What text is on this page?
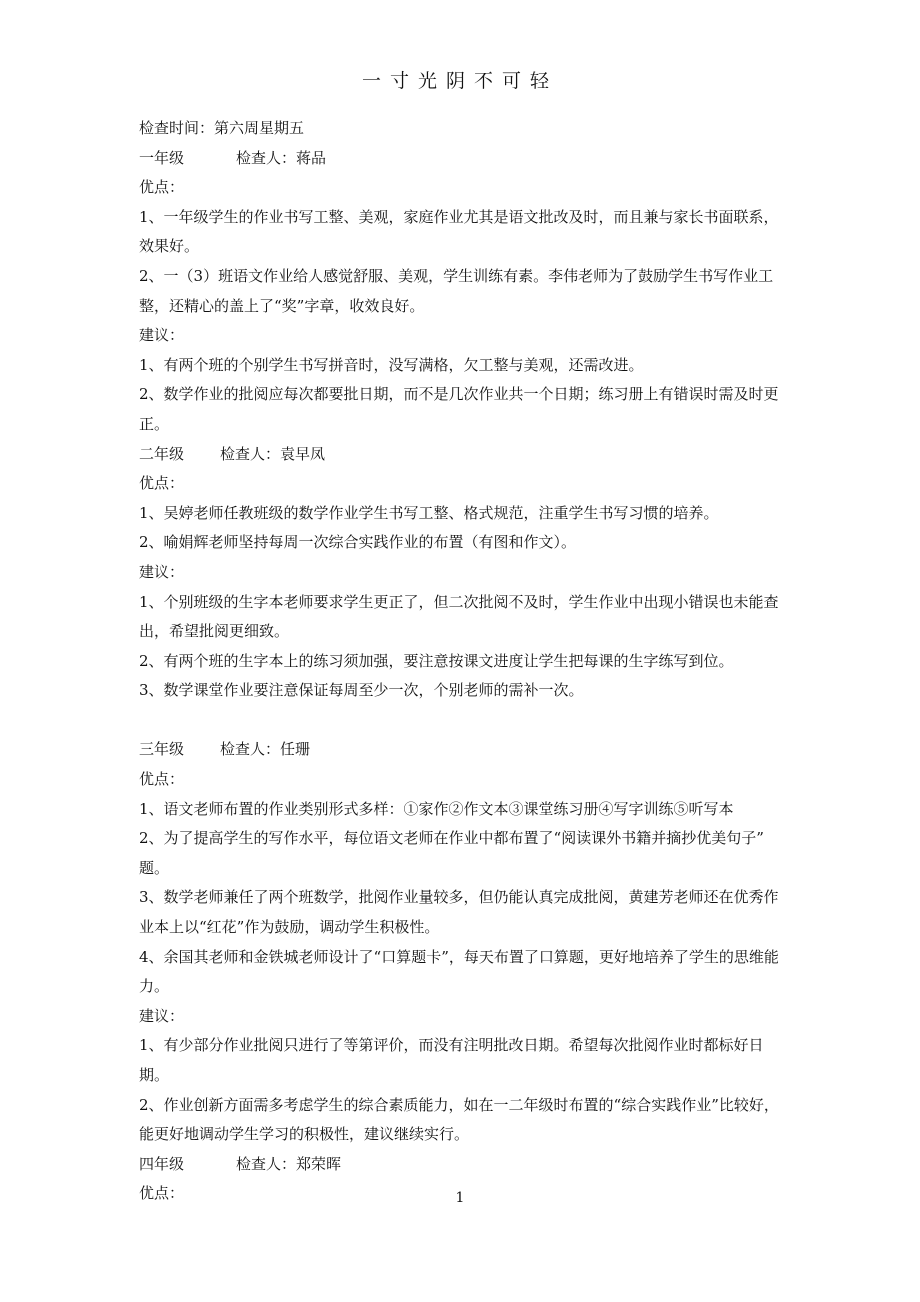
一寸光阴不可轻

检查时间：第六周星期五

一年级	检查人：蒋品

优点：

1、一年级学生的作业书写工整、美观，家庭作业尤其是语文批改及时，而且兼与家长书面联系，效果好。

2、一（3）班语文作业给人感觉舒服、美观，学生训练有素。李伟老师为了鼓励学生书写作业工整，还精心的盖上了“奖”字章，收效良好。

建议：

1、有两个班的个别学生书写拼音时，没写满格，欠工整与美观，还需改进。

2、数学作业的批阅应每次都要批日期，而不是几次作业共一个日期；练习册上有错误时需及时更正。

二年级 检查人：袁早凤

优点：

1、吴婷老师任教班级的数学作业学生书写工整、格式规范，注重学生书写习惯的培养。

2、喻娟辉老师坚持每周一次综合实践作业的布置（有图和作文）。

建议：

1、个别班级的生字本老师要求学生更正了，但二次批阅不及时，学生作业中出现小错误也未能查出，希望批阅更细致。

2、有两个班的生字本上的练习须加强，要注意按课文进度让学生把每课的生字练写到位。

3、数学课堂作业要注意保证每周至少一次，个别老师的需补一次。

三年级 检查人：任珊

优点：

1、语文老师布置的作业类别形式多样：①家作②作文本③课堂练习册④写字训练⑤听写本

2、为了提高学生的写作水平，每位语文老师在作业中都布置了“阅读课外书籍并摘抄优美句子” 题。

3、数学老师兼任了两个班数学，批阅作业量较多，但仍能认真完成批阅，黄建芳老师还在优秀作业本上以“红花”作为鼓励，调动学生积极性。

4、余国其老师和金铁城老师设计了“口算题卡”，每天布置了口算题，更好地培养了学生的思维能力。

建议：

1、有少部分作业批阅只进行了等第评价，而没有注明批改日期。希望每次批阅作业时都标好日期。

2、作业创新方面需多考虑学生的综合素质能力，如在一二年级时布置的“综合实践作业”比较好，能更好地调动学生学习的积极性，建议继续实行。

四年级	检查人：郑荣晖

优点：	1
